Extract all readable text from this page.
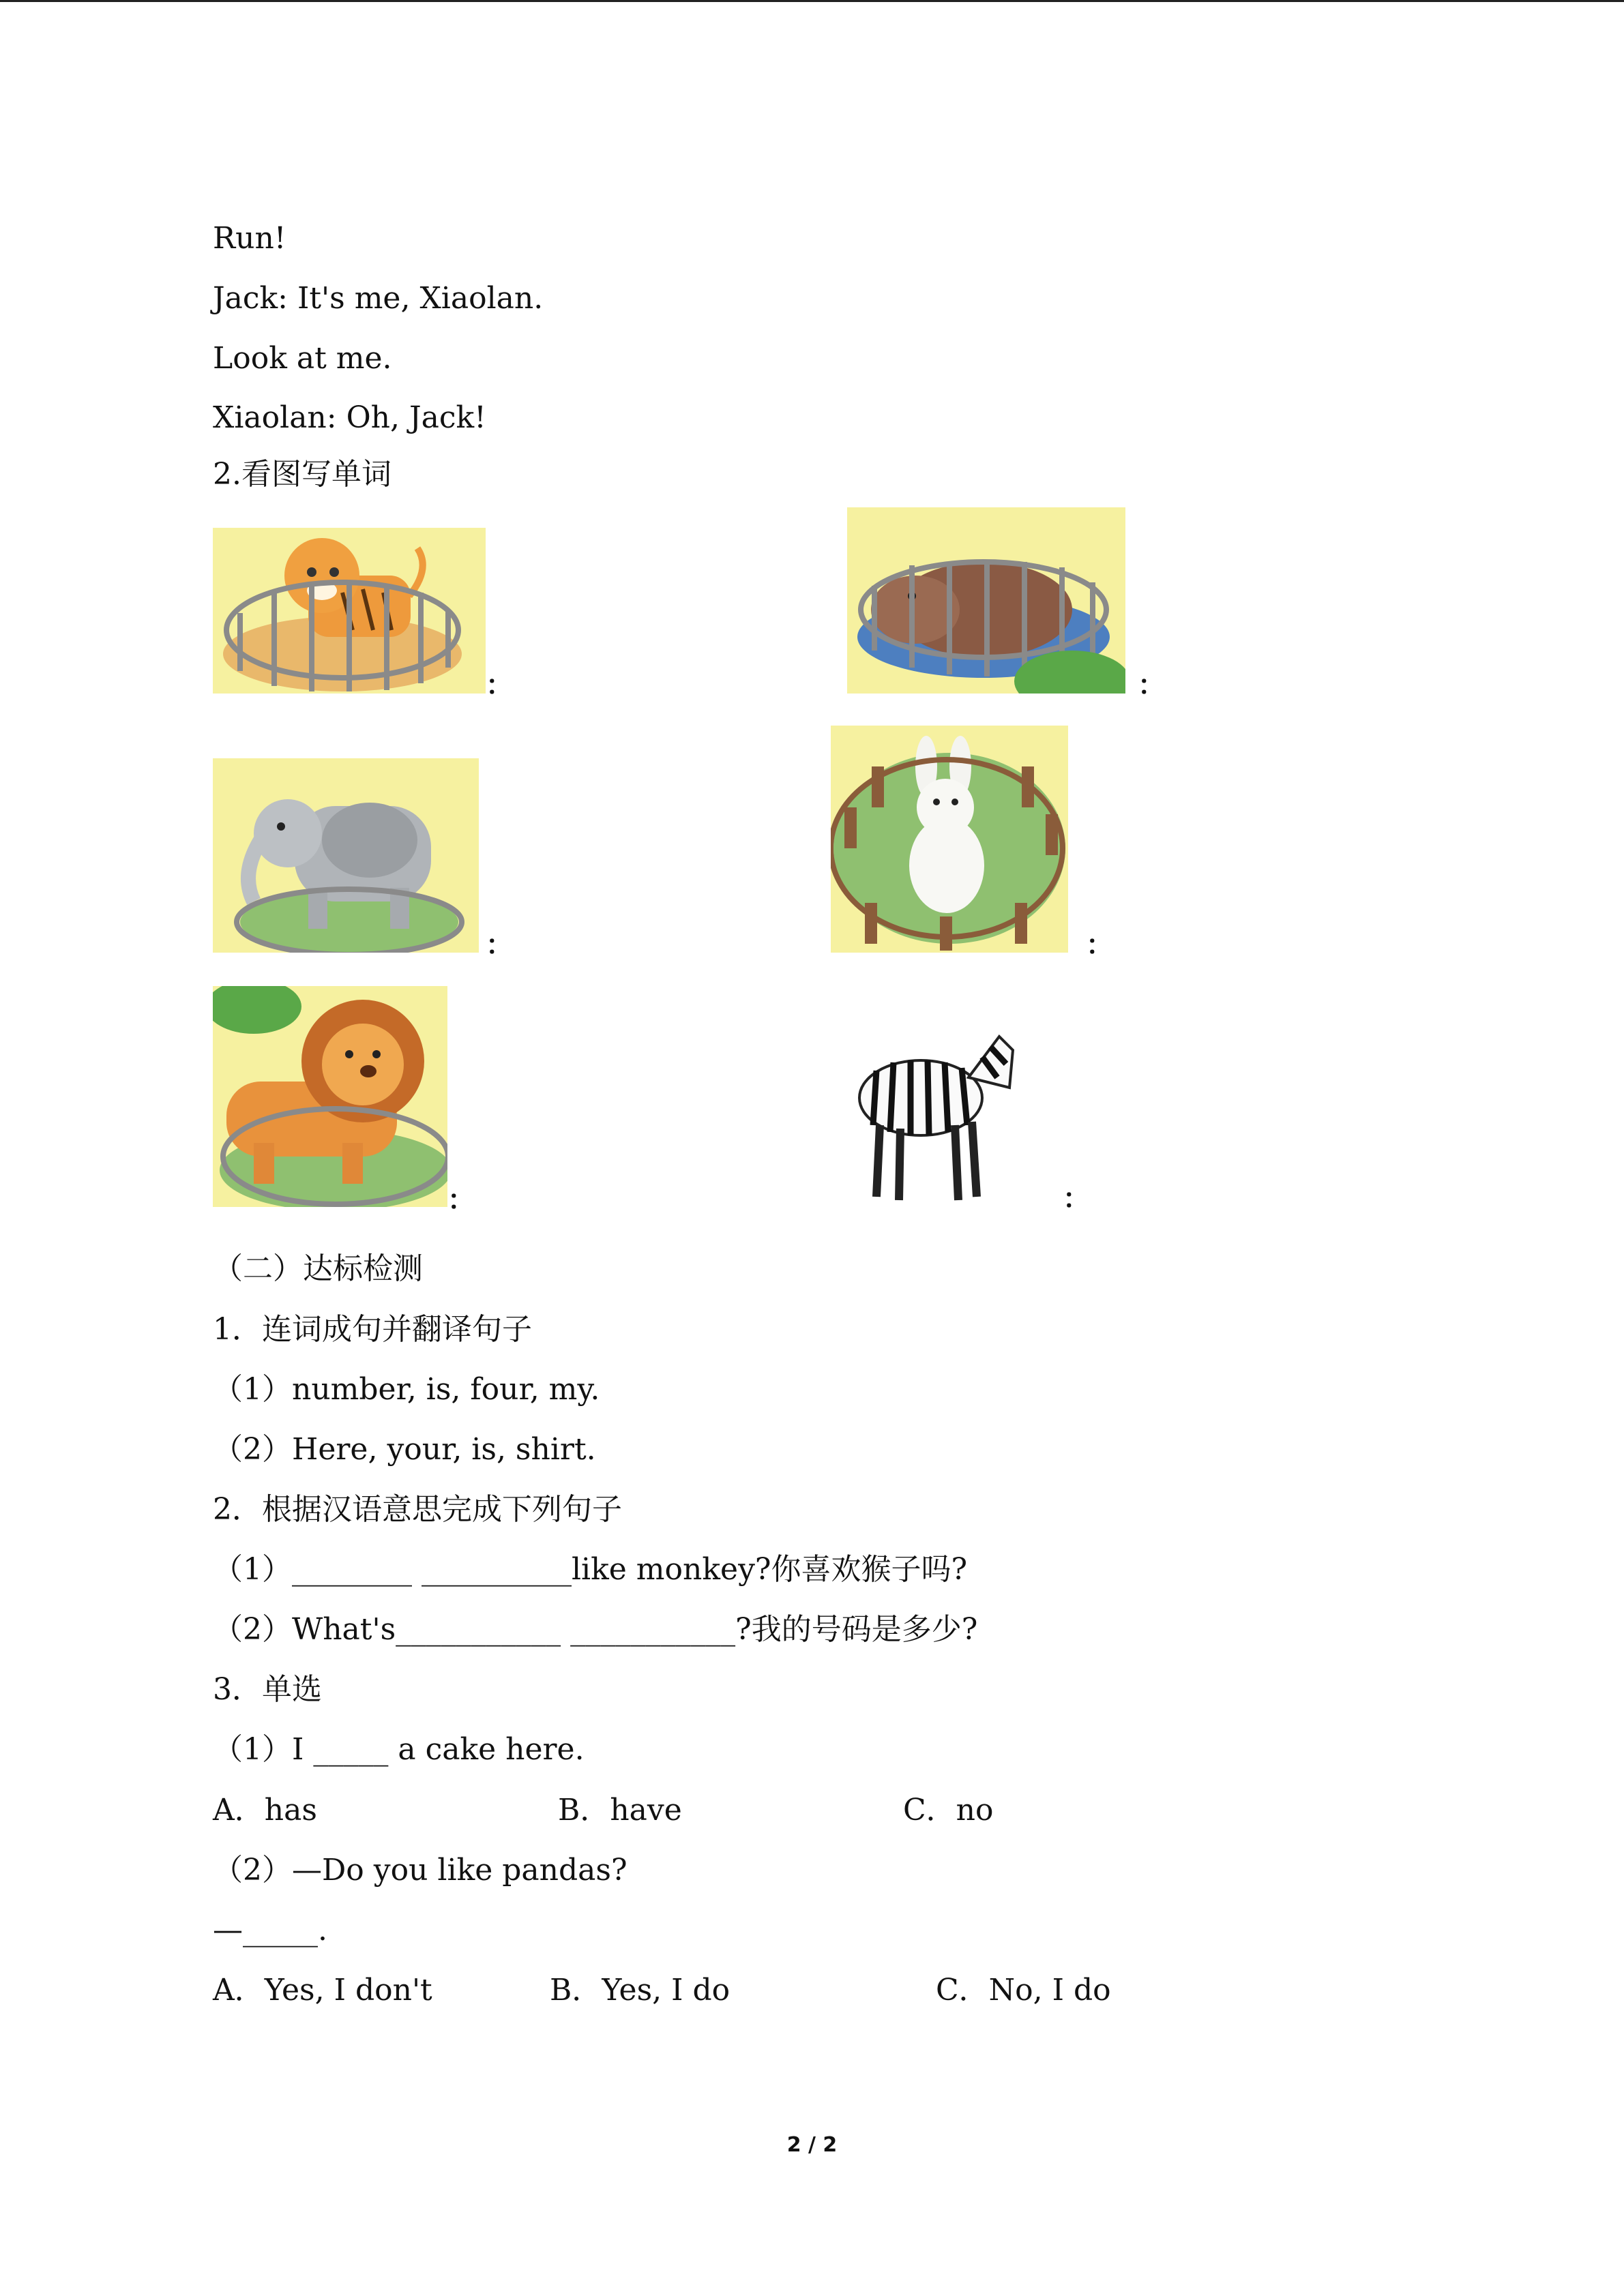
Run!
Jack: It's me, Xiaolan.
Look at me.
Xiaolan: Oh, Jack!
2.看图写单词
：	：
：	：
：	：
（二）达标检测
1．连词成句并翻译句子
（1）number, is, four, my.
（2）Here, your, is, shirt.
2．根据汉语意思完成下列句子
（1）________ __________like monkey?你喜欢猴子吗?
（2）What's___________ ___________?我的号码是多少?
3．单选
（1）I _____ a cake here.
A．has	B．have	C．no
（2）—Do you like pandas?
—_____.
A．Yes, I don't	B．Yes, I do	C．No, I do
2 / 2
